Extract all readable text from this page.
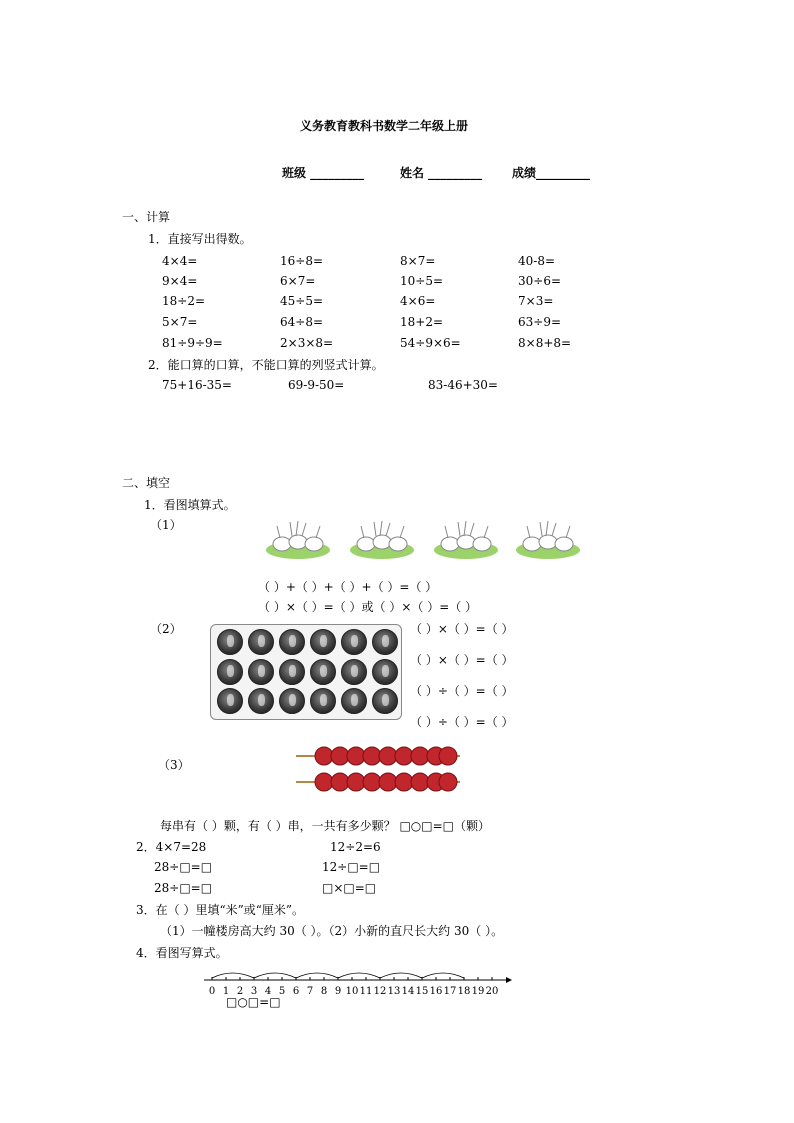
义务教育教科书数学二年级上册
班级 _________	姓名 _________ 成绩_________
一、计算
1．直接写出得数。
4×4=	16÷8=	8×7=	40-8=
9×4=	6×7=	10÷5=	30÷6=
18÷2=	45÷5=	4×6=	7×3=
5×7=	64÷8=	18+2=	63÷9=
81÷9÷9=	2×3×8=	54÷9×6=	8×8+8=
2．能口算的口算，不能口算的列竖式计算。
75+16-35=	69-9-50=	83-46+30=
二、填空
1．看图填算式。
（1）
（ ）+（ ）+（ ）+（ ）=（ ）
（ ）×（ ）=（ ）或（ ）×（ ）=（ ）
（2）	（ ）×（ ）=（ ）
（ ）×（ ）=（ ）
（ ）÷（ ）=（ ）
（ ）÷（ ）=（ ）
（3）
每串有（ ）颗，有（ ）串，一共有多少颗？ □○□=□（颗）
2．4×7=28	12÷2=6
28÷□=□	12÷□=□
28÷□=□	□×□=□
3．在（ ）里填“米”或“厘米”。
（1）一幢楼房高大约 30（ ）。（2）小新的直尺长大约 30（ ）。
4．看图写算式。
0 1 2 3 4 5 6 7 8 9 10 11 12 13 14 15 16 17 18 19 20
□○□=□
